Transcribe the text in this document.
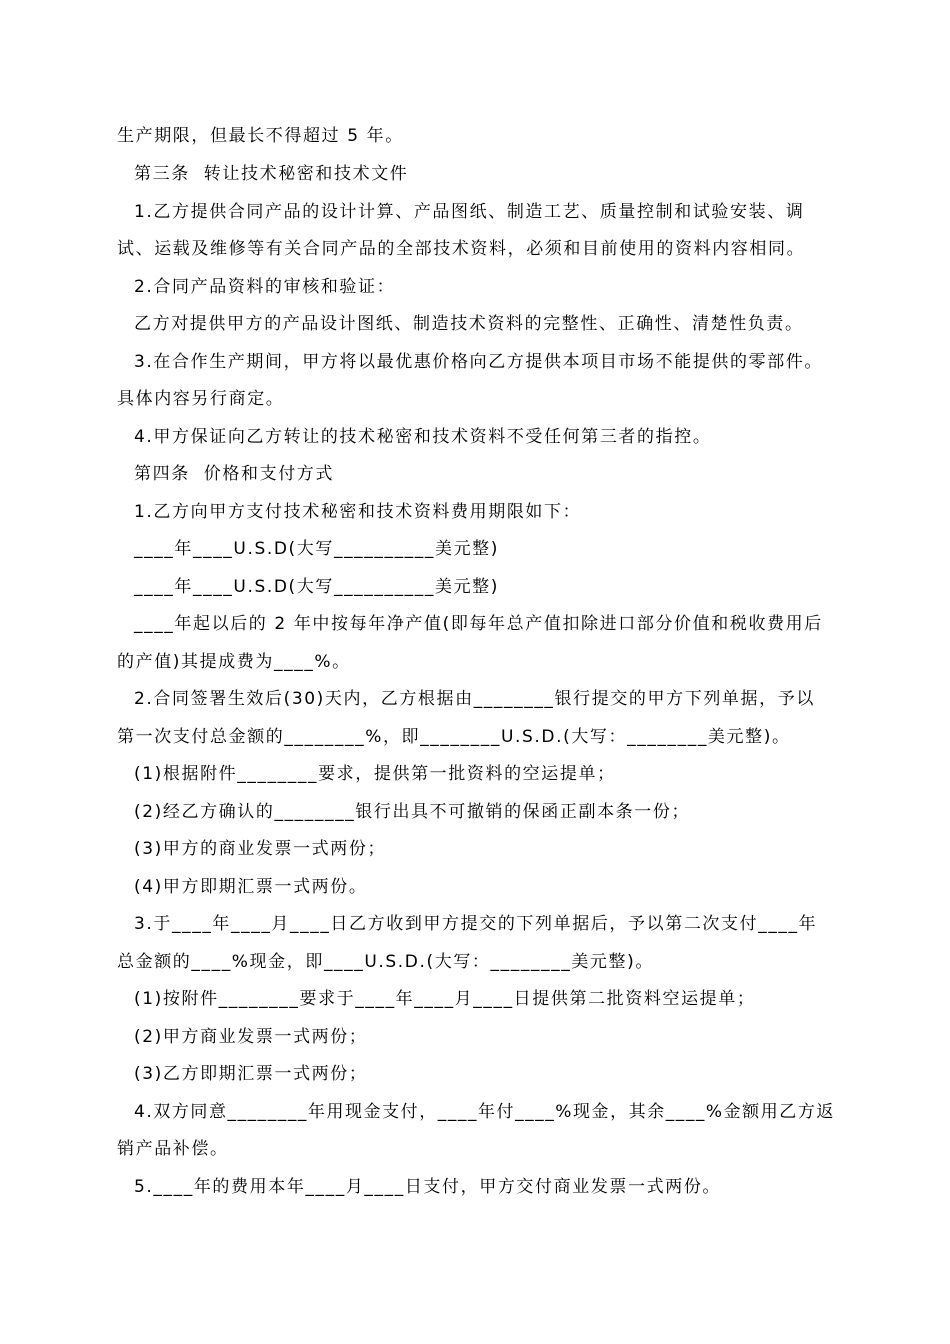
生产期限，但最长不得超过 5 年。
第三条  转让技术秘密和技术文件
1.乙方提供合同产品的设计计算、产品图纸、制造工艺、质量控制和试验安装、调
试、运载及维修等有关合同产品的全部技术资料，必须和目前使用的资料内容相同。
2.合同产品资料的审核和验证：
乙方对提供甲方的产品设计图纸、制造技术资料的完整性、正确性、清楚性负责。
3.在合作生产期间，甲方将以最优惠价格向乙方提供本项目市场不能提供的零部件。
具体内容另行商定。
4.甲方保证向乙方转让的技术秘密和技术资料不受任何第三者的指控。
第四条  价格和支付方式
1.乙方向甲方支付技术秘密和技术资料费用期限如下：
____年____U.S.D(大写__________美元整)
____年____U.S.D(大写__________美元整)
____年起以后的 2 年中按每年净产值(即每年总产值扣除进口部分价值和税收费用后
的产值)其提成费为____%。
2.合同签署生效后(30)天内，乙方根据由________银行提交的甲方下列单据，予以
第一次支付总金额的________%，即________U.S.D.(大写：________美元整)。
(1)根据附件________要求，提供第一批资料的空运提单；
(2)经乙方确认的________银行出具不可撤销的保函正副本条一份；
(3)甲方的商业发票一式两份；
(4)甲方即期汇票一式两份。
3.于____年____月____日乙方收到甲方提交的下列单据后，予以第二次支付____年
总金额的____%现金，即____U.S.D.(大写：________美元整)。
(1)按附件________要求于____年____月____日提供第二批资料空运提单；
(2)甲方商业发票一式两份；
(3)乙方即期汇票一式两份；
4.双方同意________年用现金支付，____年付____%现金，其余____%金额用乙方返
销产品补偿。
5.____年的费用本年____月____日支付，甲方交付商业发票一式两份。
